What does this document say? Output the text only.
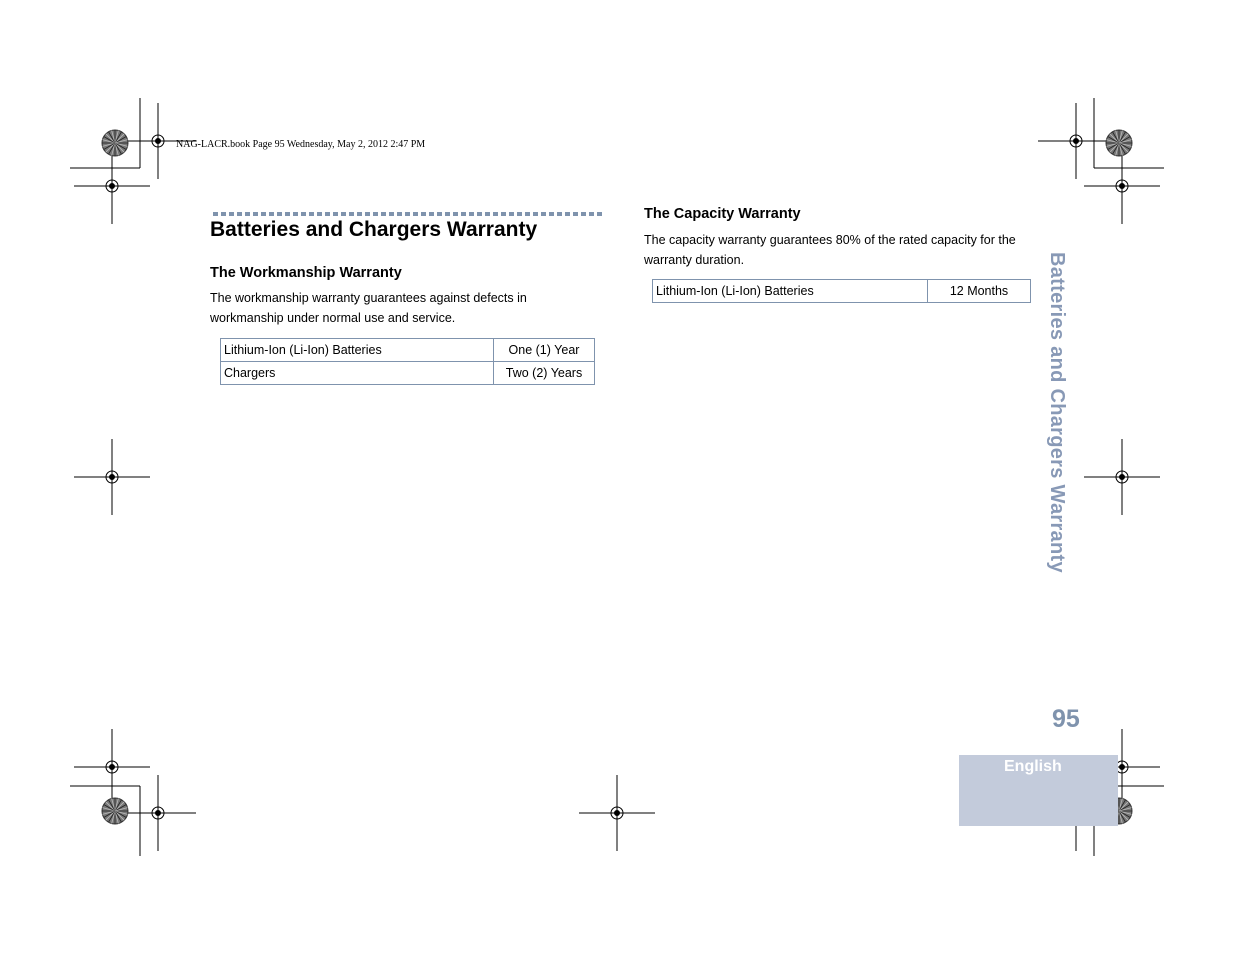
NAG-LACR.book Page 95 Wednesday, May 2, 2012 2:47 PM
Batteries and Chargers Warranty
The Workmanship Warranty
The workmanship warranty guarantees against defects in workmanship under normal use and service.
Lithium-Ion (Li-Ion) Batteries	One (1) Year
Chargers	Two (2) Years
The Capacity Warranty
The capacity warranty guarantees 80% of the rated capacity for the warranty duration.
Lithium-Ion (Li-Ion) Batteries	12 Months Batteries and Chargers Warranty
95
English
